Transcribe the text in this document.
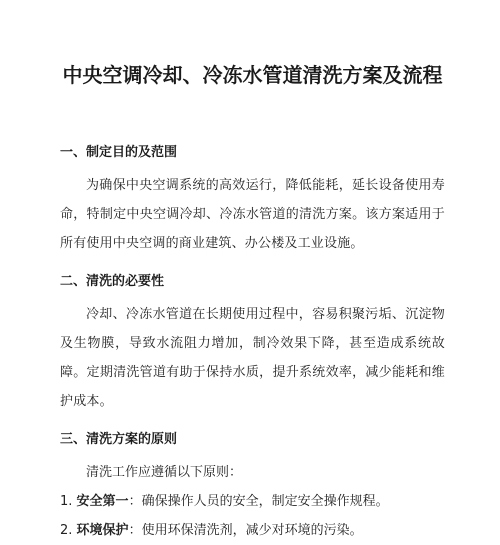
中央空调冷却、冷冻水管道清洗方案及流程
一、制定目的及范围

为确保中央空调系统的高效运行，降低能耗，延长设备使用寿命，特制定中央空调冷却、冷冻水管道的清洗方案。该方案适用于所有使用中央空调的商业建筑、办公楼及工业设施。

二、清洗的必要性

冷却、冷冻水管道在长期使用过程中，容易积聚污垢、沉淀物及生物膜，导致水流阻力增加，制冷效果下降，甚至造成系统故障。定期清洗管道有助于保持水质，提升系统效率，减少能耗和维护成本。

三、清洗方案的原则

清洗工作应遵循以下原则：

1. 安全第一：确保操作人员的安全，制定安全操作规程。

2. 环境保护：使用环保清洗剂，减少对环境的污染。
